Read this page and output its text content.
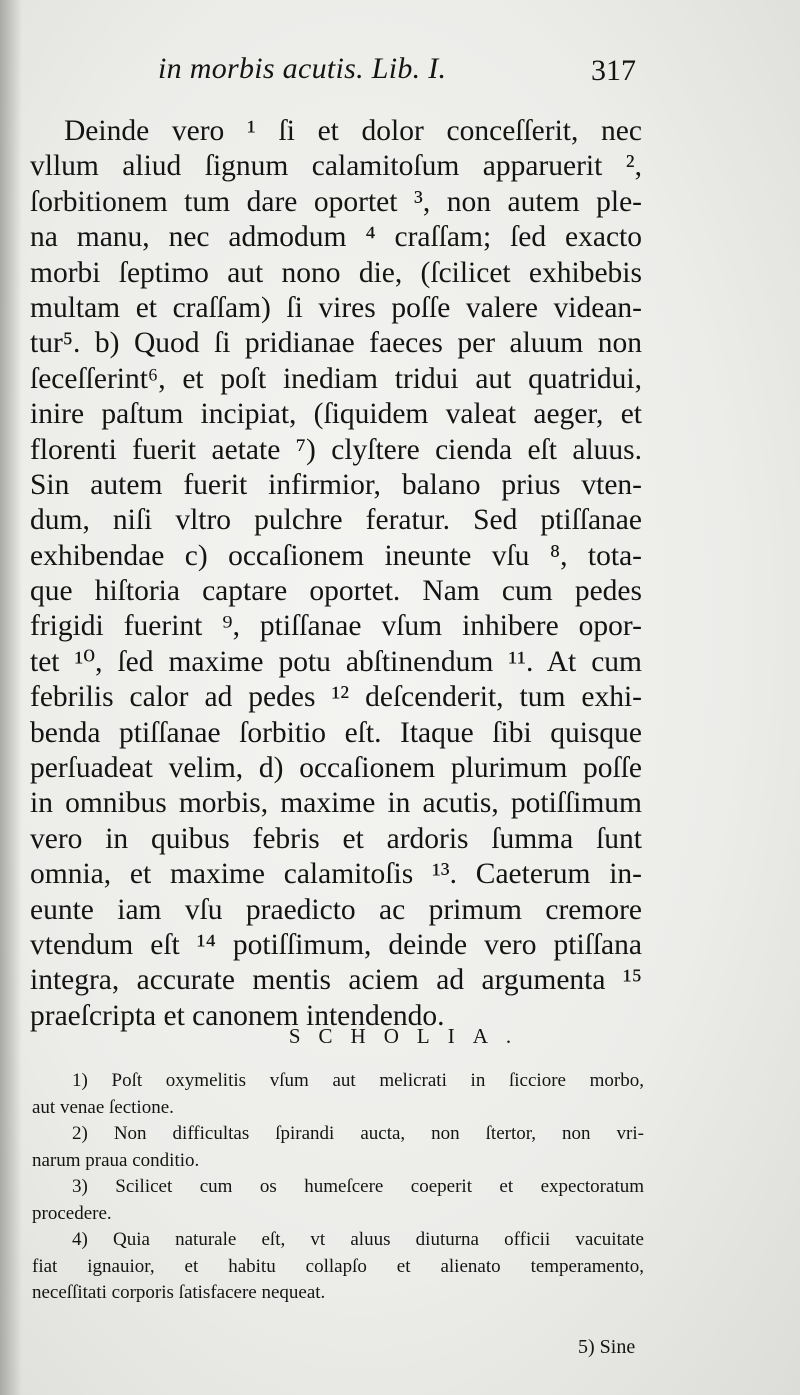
in morbis acutis. Lib. I.	317
Deinde vero ¹ ſi et dolor conceſſerit, nec
vllum aliud ſignum calamitoſum apparuerit ²,
ſorbitionem tum dare oportet ³, non autem ple-
na manu, nec admodum ⁴ craſſam; ſed exacto
morbi ſeptimo aut nono die, (ſcilicet exhibebis
multam et craſſam) ſi vires poſſe valere videan-
tur⁵. b) Quod ſi pridianae faeces per aluum non
ſeceſſerint⁶, et poſt inediam tridui aut quatridui,
inire paſtum incipiat, (ſiquidem valeat aeger, et
florenti fuerit aetate ⁷) clyſtere cienda eſt aluus.
Sin autem fuerit infirmior, balano prius vten-
dum, niſi vltro pulchre feratur. Sed ptiſſanae
exhibendae c) occaſionem ineunte vſu ⁸, tota-
que hiſtoria captare oportet. Nam cum pedes
frigidi fuerint ⁹, ptiſſanae vſum inhibere opor-
tet ¹⁰, ſed maxime potu abſtinendum ¹¹. At cum
febrilis calor ad pedes ¹² deſcenderit, tum exhi-
benda ptiſſanae ſorbitio eſt. Itaque ſibi quisque
perſuadeat velim, d) occaſionem plurimum poſſe
in omnibus morbis, maxime in acutis, potiſſimum
vero in quibus febris et ardoris ſumma ſunt
omnia, et maxime calamitoſis ¹³. Caeterum in-
eunte iam vſu praedicto ac primum cremore
vtendum eſt ¹⁴ potiſſimum, deinde vero ptiſſana
integra, accurate mentis aciem ad argumenta ¹⁵
praeſcripta et canonem intendendo.
SCHOLIA.
1) Poſt oxymelitis vſum aut melicrati in ſicciore morbo,
aut venae ſectione.
2) Non difficultas ſpirandi aucta, non ſtertor, non vri-
narum praua conditio.
3) Scilicet cum os humeſcere coeperit et expectoratum
procedere.
4) Quia naturale eſt, vt aluus diuturna officii vacuitate
fiat ignauior, et habitu collapſo et alienato temperamento,
neceſſitati corporis ſatisfacere nequeat.
5) Sine
